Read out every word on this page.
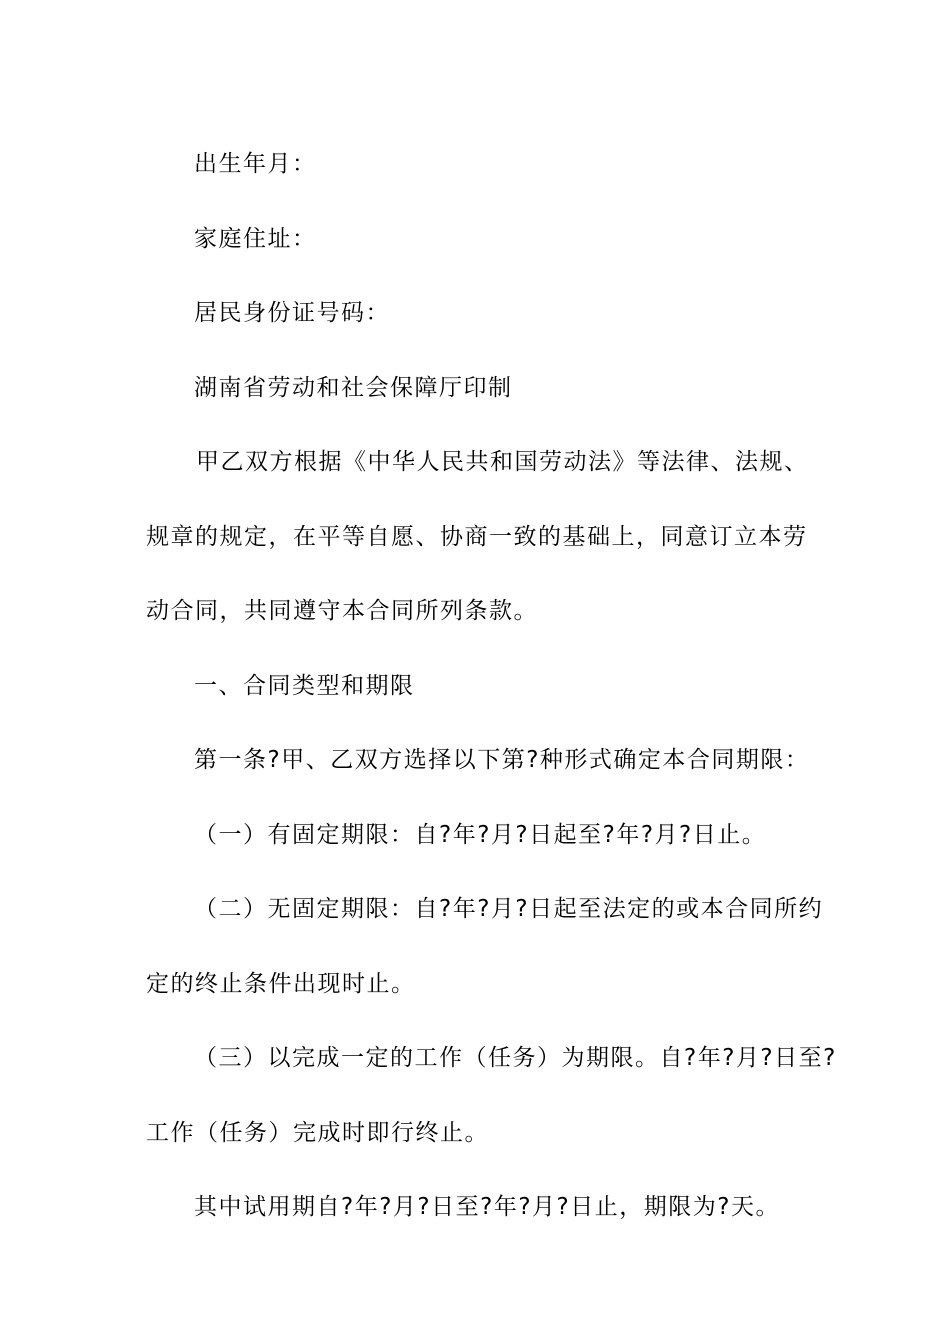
出生年月：

家庭住址：

居民身份证号码：

湖南省劳动和社会保障厅印制

甲乙双方根据《中华人民共和国劳动法》等法律、法规、

规章的规定，在平等自愿、协商一致的基础上，同意订立本劳

动合同，共同遵守本合同所列条款。

一、合同类型和期限

第一条?甲、乙双方选择以下第?种形式确定本合同期限：

（一）有固定期限：自?年?月?日起至?年?月?日止。

（二）无固定期限：自?年?月?日起至法定的或本合同所约

定的终止条件出现时止。

（三）以完成一定的工作（任务）为期限。自?年?月?日至?

工作（任务）完成时即行终止。

其中试用期自?年?月?日至?年?月?日止，期限为?天。
